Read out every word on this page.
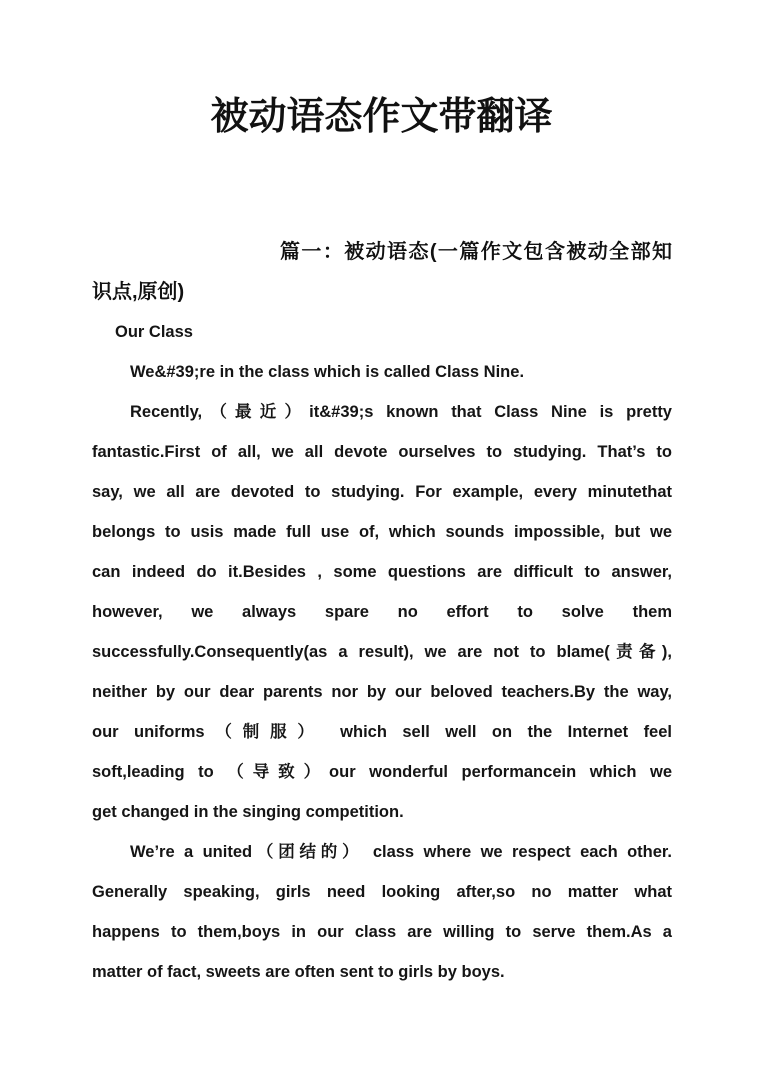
被动语态作文带翻译
篇一：被动语态(一篇作文包含被动全部知
识点,原创)
Our Class
We&#39;re in the class which is called Class Nine.
Recently,（最近）it&#39;s known that Class Nine is pretty
fantastic.First of all, we all devote ourselves to studying. That’s to
say, we all are devoted to studying. For example, every minutethat
belongs to usis made full use of, which sounds impossible, but we
can indeed do it.Besides , some questions are difficult to answer,
however, we always spare no effort to solve them
successfully.Consequently(as a result), we are not to blame(责备),
neither by our dear parents nor by our beloved teachers.By the way,
our uniforms（制服） which sell well on the Internet feel
soft,leading to （导致）our wonderful performancein which we
get changed in the singing competition.
We’re a united（团结的） class where we respect each other.
Generally speaking, girls need looking after,so no matter what
happens to them,boys in our class are willing to serve them.As a
matter of fact, sweets are often sent to girls by boys.
